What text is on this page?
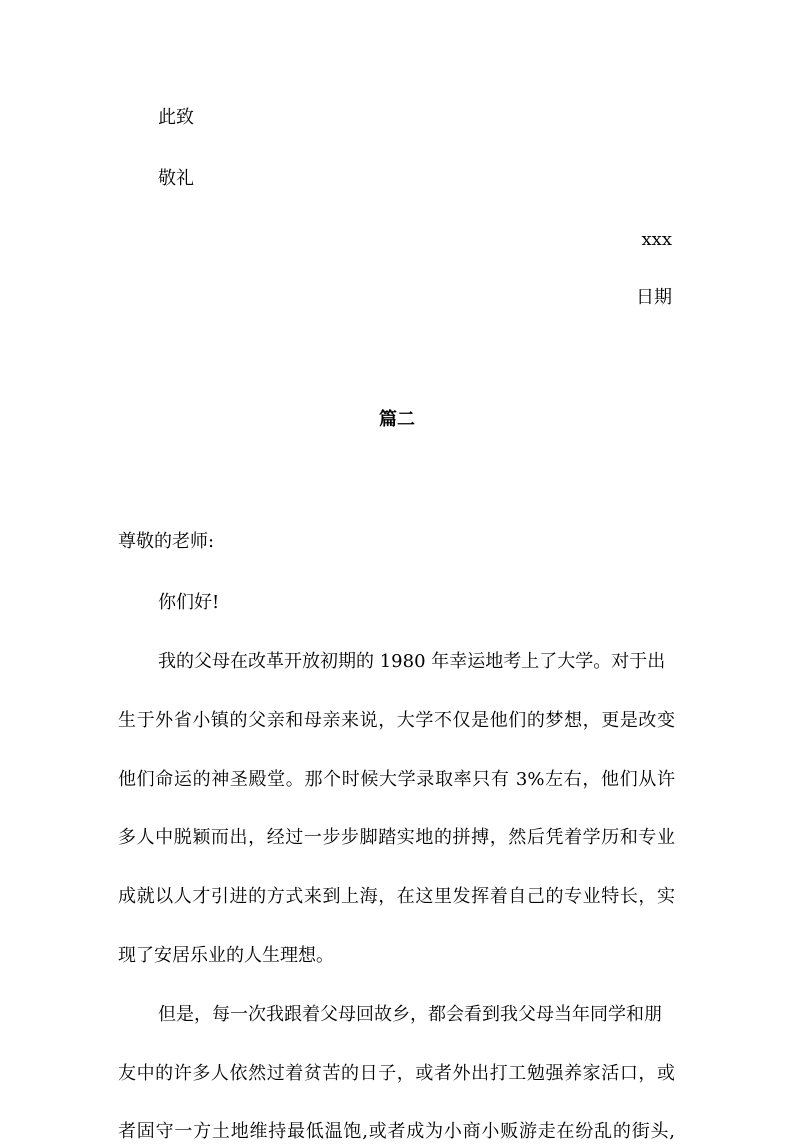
此致
敬礼
xxx
日期
篇二
尊敬的老师:
你们好!
我的父母在改革开放初期的 1980 年幸运地考上了大学。对于出
生于外省小镇的父亲和母亲来说，大学不仅是他们的梦想，更是改变
他们命运的神圣殿堂。那个时候大学录取率只有 3%左右，他们从许
多人中脱颖而出，经过一步步脚踏实地的拼搏，然后凭着学历和专业
成就以人才引进的方式来到上海，在这里发挥着自己的专业特长，实
现了安居乐业的人生理想。
但是，每一次我跟着父母回故乡，都会看到我父母当年同学和朋
友中的许多人依然过着贫苦的日子，或者外出打工勉强养家活口，或
者固守一方土地维持最低温饱,或者成为小商小贩游走在纷乱的街头,
